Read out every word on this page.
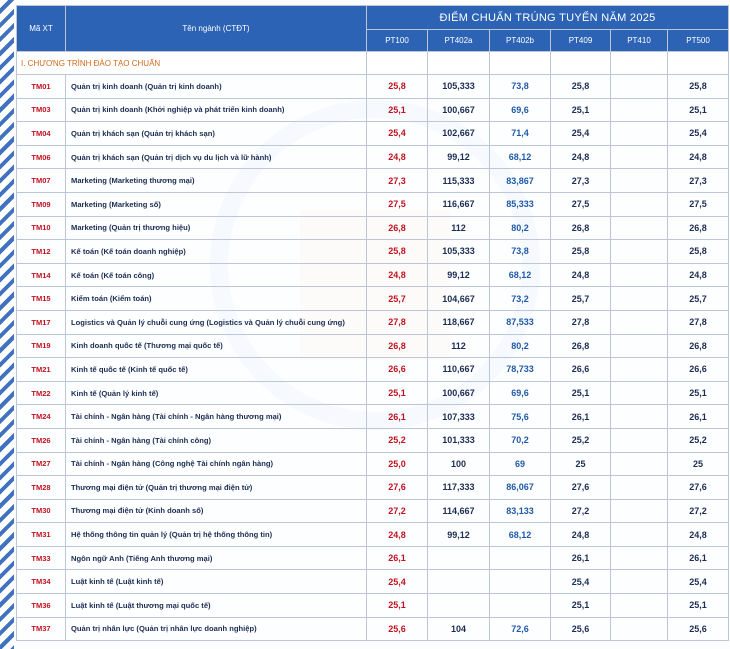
Mã XT	Tên ngành (CTĐT)	ĐIỂM CHUẨN TRÚNG TUYỂN NĂM 2025					
		PT100	PT402a	PT402b	PT409	PT410	PT500
I. CHƯƠNG TRÌNH ĐÀO TẠO CHUẨN							
TM01	Quản trị kinh doanh (Quản trị kinh doanh)	25,8	105,333	73,8	25,8		25,8
TM03	Quản trị kinh doanh (Khởi nghiệp và phát triển kinh doanh)	25,1	100,667	69,6	25,1		25,1
TM04	Quản trị khách sạn (Quản trị khách sạn)	25,4	102,667	71,4	25,4		25,4
TM06	Quản trị khách sạn (Quản trị dịch vụ du lịch và lữ hành)	24,8	99,12	68,12	24,8		24,8
TM07	Marketing (Marketing thương mại)	27,3	115,333	83,867	27,3		27,3
TM09	Marketing (Marketing số)	27,5	116,667	85,333	27,5		27,5
TM10	Marketing (Quản trị thương hiệu)	26,8	112	80,2	26,8		26,8
TM12	Kế toán (Kế toán doanh nghiệp)	25,8	105,333	73,8	25,8		25,8
TM14	Kế toán (Kế toán công)	24,8	99,12	68,12	24,8		24,8
TM15	Kiểm toán (Kiểm toán)	25,7	104,667	73,2	25,7		25,7
TM17	Logistics và Quản lý chuỗi cung ứng (Logistics và Quản lý chuỗi cung ứng)	27,8	118,667	87,533	27,8		27,8
TM19	Kinh doanh quốc tế (Thương mại quốc tế)	26,8	112	80,2	26,8		26,8
TM21	Kinh tế quốc tế (Kinh tế quốc tế)	26,6	110,667	78,733	26,6		26,6
TM22	Kinh tế (Quản lý kinh tế)	25,1	100,667	69,6	25,1		25,1
TM24	Tài chính - Ngân hàng (Tài chính - Ngân hàng thương mại)	26,1	107,333	75,6	26,1		26,1
TM26	Tài chính - Ngân hàng (Tài chính công)	25,2	101,333	70,2	25,2		25,2
TM27	Tài chính - Ngân hàng (Công nghệ Tài chính ngân hàng)	25,0	100	69	25		25
TM28	Thương mại điện tử (Quản trị thương mại điện tử)	27,6	117,333	86,067	27,6		27,6
TM30	Thương mại điện tử (Kinh doanh số)	27,2	114,667	83,133	27,2		27,2
TM31	Hệ thống thông tin quản lý (Quản trị hệ thống thông tin)	24,8	99,12	68,12	24,8		24,8
TM33	Ngôn ngữ Anh (Tiếng Anh thương mại)	26,1			26,1		26,1
TM34	Luật kinh tế (Luật kinh tế)	25,4			25,4		25,4
TM36	Luật kinh tế (Luật thương mại quốc tế)	25,1			25,1		25,1
TM37	Quản trị nhân lực (Quản trị nhân lực doanh nghiệp)	25,6	104	72,6	25,6		25,6
